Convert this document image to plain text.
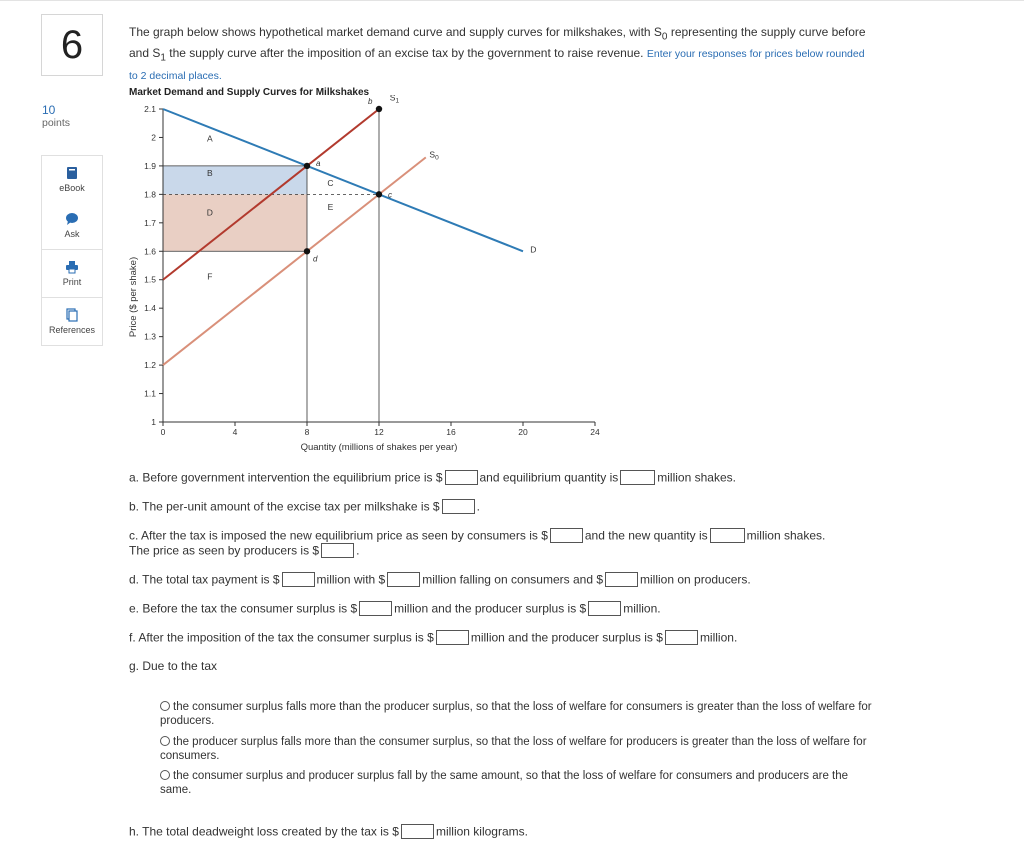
6
10
points
eBook
Ask
Print
References
The graph below shows hypothetical market demand curve and supply curves for milkshakes, with $S_0$ representing the supply curve before and $S_1$ the supply curve after the imposition of an excise tax by the government to raise revenue. Enter your responses for prices below rounded to 2 decimal places.
Market Demand and Supply Curves for Milkshakes
0	4	8	12	16	20	24
1
1.1
1.2
1.3
1.4
1.5
1.6
1.7
1.8
1.9
2
2.1
a
b
c
d
D
$S_1$
$S_0$
A
B
C
D
E
F
Price ($ per shake)
Quantity (millions of shakes per year)
a. Before government intervention the equilibrium price is $	and equilibrium quantity is	million shakes.
b. The per-unit amount of the excise tax per milkshake is $	.
c. After the tax is imposed the new equilibrium price as seen by consumers is $	and the new quantity is	million shakes.
The price as seen by producers is $	.
d. The total tax payment is $	million with $	million falling on consumers and $	million on producers.
e. Before the tax the consumer surplus is $	million and the producer surplus is $	million.
f. After the imposition of the tax the consumer surplus is $	million and the producer surplus is $	million.
g. Due to the tax
the consumer surplus falls more than the producer surplus, so that the loss of welfare for consumers is greater than the loss of welfare for producers.
the producer surplus falls more than the consumer surplus, so that the loss of welfare for producers is greater than the loss of welfare for consumers.
the consumer surplus and producer surplus fall by the same amount, so that the loss of welfare for consumers and producers are the same.
h. The total deadweight loss created by the tax is $	million kilograms.
